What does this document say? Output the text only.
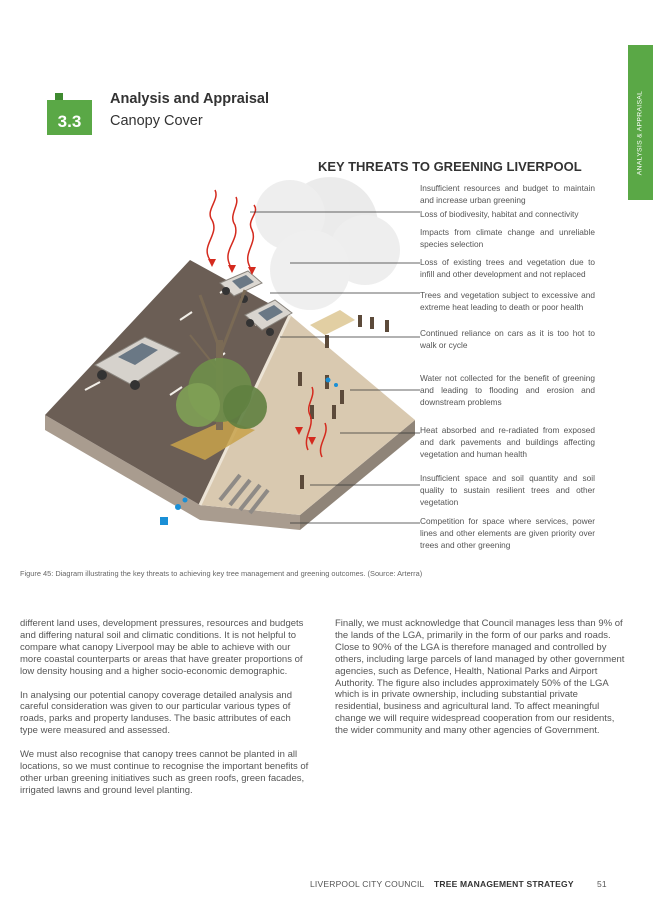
ANALYSIS & APPRAISAL
3.3
Analysis and Appraisal
Canopy Cover
KEY THREATS TO GREENING LIVERPOOL
Insufficient resources and budget to maintain and increase urban greening
Loss of biodivesity, habitat and connectivity
Impacts from climate change and unreliable species selection
Loss of existing trees and vegetation due to infill and other development and not replaced
Trees and vegetation subject to excessive and extreme heat leading to death or poor health
Continued reliance on cars as it is too hot to walk or cycle
Water not collected for the benefit of greening and leading to flooding and erosion and downstream problems
Heat absorbed and re-radiated from exposed and dark pavements and buildings affecting vegetation and human health
Insufficient space and soil quantity and soil quality to sustain resilient trees and other vegetation
Competition for space where services, power lines and other elements are given priority over trees and other greening
Figure 45: Diagram illustrating the key threats to achieving key tree management and greening outcomes. (Source: Arterra)

different land uses, development pressures, resources and budgets and differing natural soil and climatic conditions. It is not helpful to compare what canopy Liverpool may be able to achieve with our more coastal counterparts or areas that have greater proportions of low density housing and a higher socio-economic demographic.

In analysing our potential canopy coverage detailed analysis and careful consideration was given to our particular various types of roads, parks and property landuses. The basic attributes of each type were measured and assessed.

We must also recognise that canopy trees cannot be planted in all locations, so we must continue to recognise the important benefits of other urban greening initiatives such as green roofs, green facades, irrigated lawns and ground level planting.

Finally, we must acknowledge that Council manages less than 9% of the lands of the LGA, primarily in the form of our parks and roads. Close to 90% of the LGA is therefore managed and controlled by others, including large parcels of land managed by other government agencies, such as Defence, Health, National Parks and Airport Authority. The figure also includes approximately 50% of the LGA which is in private ownership, including substantial private residential, business and agricultural land. To affect meaningful change we will require widespread cooperation from our residents, the wider community and many other agencies of Government.

LIVERPOOL CITY COUNCIL TREE MANAGEMENT STRATEGY	51
